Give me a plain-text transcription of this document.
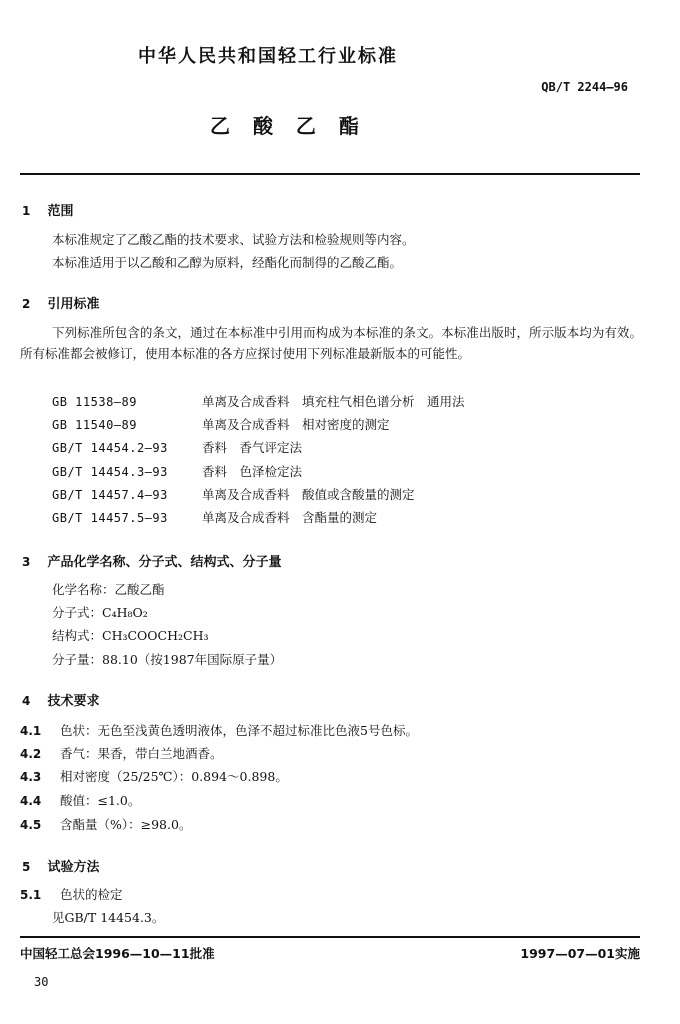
中华人民共和国轻工行业标准
QB/T 2244—96
乙 酸 乙 酯
1 范围
本标准规定了乙酸乙酯的技术要求、试验方法和检验规则等内容。
本标准适用于以乙酸和乙醇为原料，经酯化而制得的乙酸乙酯。
2 引用标准
下列标准所包含的条文，通过在本标准中引用而构成为本标准的条文。本标准出版时，所示版本均为有效。所有标准都会被修订，使用本标准的各方应探讨使用下列标准最新版本的可能性。
GB 11538—89	单离及合成香料　填充柱气相色谱分析　通用法
GB 11540—89	单离及合成香料　相对密度的测定
GB/T 14454.2—93	香料　香气评定法
GB/T 14454.3—93	香料　色泽检定法
GB/T 14457.4—93	单离及合成香料　酸值或含酸量的测定
GB/T 14457.5—93	单离及合成香料　含酯量的测定
3 产品化学名称、分子式、结构式、分子量
化学名称：乙酸乙酯
分子式：C₄H₈O₂
结构式：CH₃COOCH₂CH₃
分子量：88.10（按1987年国际原子量）
4 技术要求
4.1 色状：无色至浅黄色透明液体，色泽不超过标准比色液5号色标。
4.2 香气：果香，带白兰地酒香。
4.3 相对密度（25/25℃）：0.894～0.898。
4.4 酸值：≤1.0。
4.5 含酯量（%）：≥98.0。
5 试验方法
5.1 色状的检定
见GB/T 14454.3。
中国轻工总会1996—10—11批准	1997—07—01实施
30
